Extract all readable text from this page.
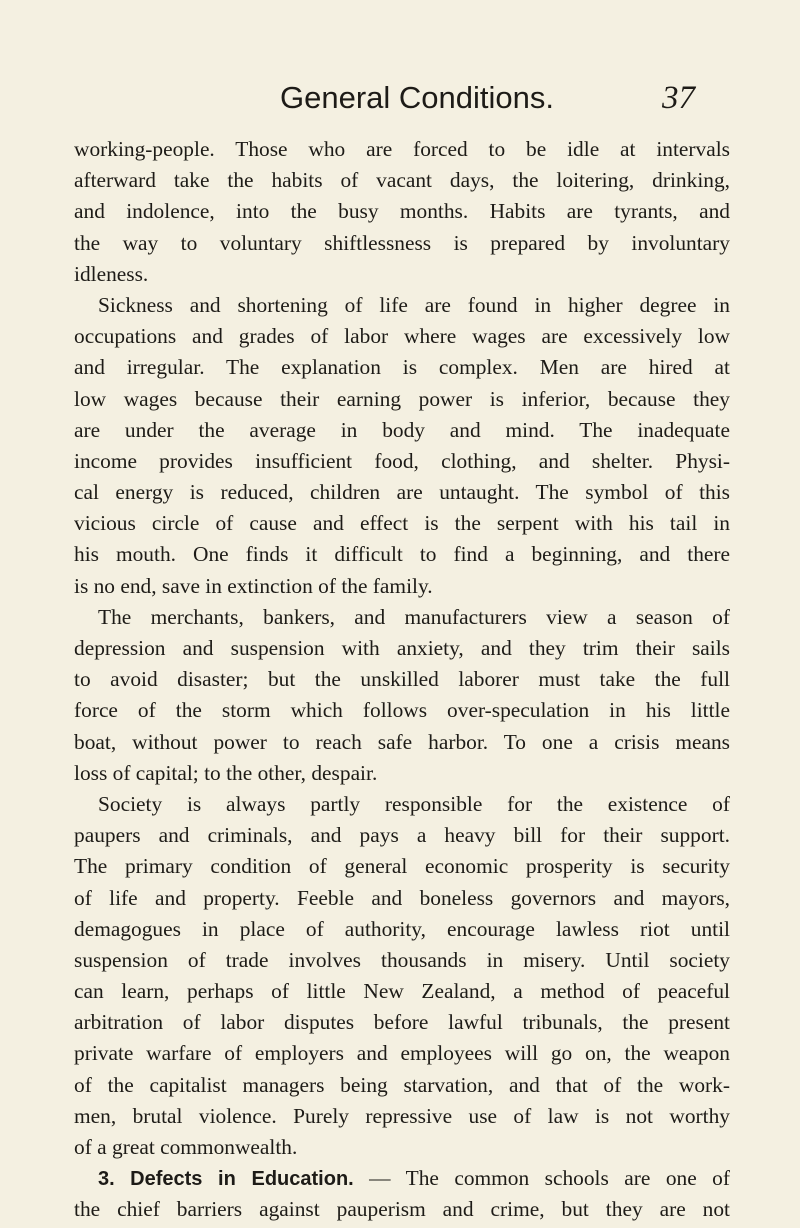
General Conditions.	37
working-people. Those who are forced to be idle at intervals
afterward take the habits of vacant days, the loitering, drinking,
and indolence, into the busy months. Habits are tyrants, and
the way to voluntary shiftlessness is prepared by involuntary
idleness.
Sickness and shortening of life are found in higher degree in
occupations and grades of labor where wages are excessively low
and irregular. The explanation is complex. Men are hired at
low wages because their earning power is inferior, because they
are under the average in body and mind. The inadequate
income provides insufficient food, clothing, and shelter. Physi-
cal energy is reduced, children are untaught. The symbol of this
vicious circle of cause and effect is the serpent with his tail in
his mouth. One finds it difficult to find a beginning, and there
is no end, save in extinction of the family.
The merchants, bankers, and manufacturers view a season of
depression and suspension with anxiety, and they trim their sails
to avoid disaster; but the unskilled laborer must take the full
force of the storm which follows over-speculation in his little
boat, without power to reach safe harbor. To one a crisis means
loss of capital; to the other, despair.
Society is always partly responsible for the existence of
paupers and criminals, and pays a heavy bill for their support.
The primary condition of general economic prosperity is security
of life and property. Feeble and boneless governors and mayors,
demagogues in place of authority, encourage lawless riot until
suspension of trade involves thousands in misery. Until society
can learn, perhaps of little New Zealand, a method of peaceful
arbitration of labor disputes before lawful tribunals, the present
private warfare of employers and employees will go on, the weapon
of the capitalist managers being starvation, and that of the work-
men, brutal violence. Purely repressive use of law is not worthy
of a great commonwealth.
3. Defects in Education. — The common schools are one of
the chief barriers against pauperism and crime, but they are not
